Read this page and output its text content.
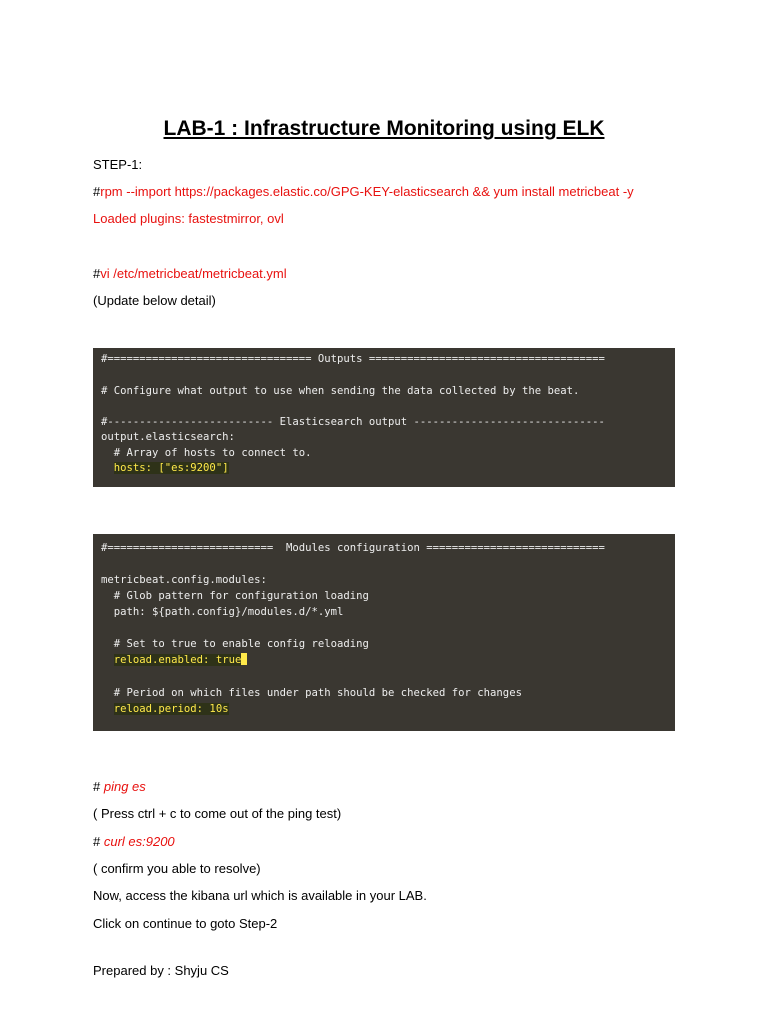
LAB-1 : Infrastructure Monitoring using ELK

STEP-1:

#rpm --import https://packages.elastic.co/GPG-KEY-elasticsearch && yum install metricbeat -y

Loaded plugins: fastestmirror, ovl

#vi /etc/metricbeat/metricbeat.yml

(Update below detail)

#================================ Outputs =====================================
# Configure what output to use when sending the data collected by the beat.
#-------------------------- Elasticsearch output ------------------------------
output.elasticsearch:
# Array of hosts to connect to.
hosts: ["es:9200"]
#==========================  Modules configuration ============================
metricbeat.config.modules:
# Glob pattern for configuration loading
path: ${path.config}/modules.d/*.yml
# Set to true to enable config reloading
reload.enabled: true
# Period on which files under path should be checked for changes
reload.period: 10s

# ping es

( Press ctrl + c to come out of the ping test)

# curl es:9200

( confirm you able to resolve)

Now, access the kibana url which is available in your LAB.

Click on continue to goto Step-2

Prepared by : Shyju CS
